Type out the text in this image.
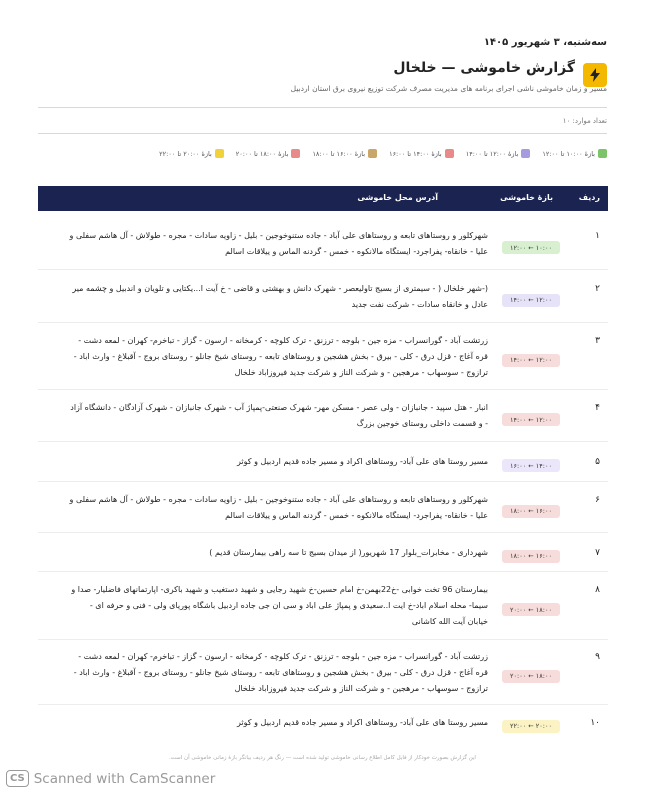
سه‌شنبه، ۳ شهریور ۱۴۰۵
گزارش خاموشی — خلخال
مسیر و زمان خاموشی ناشی اجرای برنامه های مدیریت مصرف شرکت توزیع نیروی برق استان اردبیل
تعداد موارد: ۱۰
بازهٔ ۱۰:۰۰ تا ۱۲:۰۰
بازهٔ ۱۲:۰۰ تا ۱۴:۰۰
بازهٔ ۱۴:۰۰ تا ۱۶:۰۰
بازهٔ ۱۶:۰۰ تا ۱۸:۰۰
بازهٔ ۱۸:۰۰ تا ۲۰:۰۰
بازهٔ ۲۰:۰۰ تا ۲۲:۰۰
ردیف
بازهٔ خاموشی
آدرس محل خاموشی
۱
۱۰:۰۰ ← ۱۲:۰۰
شهرکلور و روستاهای تابعه و روستاهای علی آباد - جاده ستنوخوجین - بلیل - زاویه سادات - مجره - طولاش - آل هاشم سفلی و علیا - خانقاه- یفراجرد- ایستگاه مالانکوه - خمس - گردنه الماس و ییلاقات اسالم
۲
۱۲:۰۰ ← ۱۴:۰۰
(-شهر خلخال ( - سیمتری از بسیج تاولیعصر - شهرک دانش و بهشتی و قاضی - خ آیت ا...یکتایی و تلویان و اندبیل و چشمه میر عادل و خانقاه سادات - شرکت نفت جدید
۳
۱۲:۰۰ ← ۱۴:۰۰
زرتشت آباد - گورانسراب - مزه جین - بلوجه - ترزنق - ترک کلوچه - کرمخانه - ارسون - گزاز - تباخرم- کهران - لمعه دشت - قره آغاج - قزل درق - کلی - بیرق - بخش هشجین و روستاهای تابعه - روستای شیخ جانلو - روستای بروج - آقبلاغ - وارث اباد - ترازوج - سوسهاب - مرهجین - و شرکت الناز و شرکت جدید فیروزاباد خلخال
۴
۱۲:۰۰ ← ۱۴:۰۰
انبار - هتل سپید - جانبازان - ولی عصر - مسکن مهر- شهرک صنعتی-پمپاژ آب - شهرک جانبازان - شهرک آزادگان - دانشگاه آزاد - و قسمت داخلی روستای خوجین بزرگ
۵
۱۴:۰۰ ← ۱۶:۰۰
مسیر روستا های علی آباد- روستاهای اکراد و مسیر جاده قدیم اردبیل و کوثر
۶
۱۶:۰۰ ← ۱۸:۰۰
شهرکلور و روستاهای تابعه و روستاهای علی آباد - جاده ستنوخوجین - بلیل - زاویه سادات - مجره - طولاش - آل هاشم سفلی و علیا - خانقاه- یفراجرد- ایستگاه مالانکوه - خمس - گردنه الماس و ییلاقات اسالم
۷
۱۶:۰۰ ← ۱۸:۰۰
شهرداری - مخابرات_بلوار 17 شهریور( از میدان بسیج تا سه راهی بیمارستان قدیم )
۸
۱۸:۰۰ ← ۲۰:۰۰
بیمارستان 96 تخت خوابی -خ22بهمن-خ امام حسین-خ شهید رجایی و شهید دستغیب و شهید باکری- اپارتمانهای فاضلیار- صدا و سیما- محله اسلام اباد-خ ایت ا..سعیدی و پمپاژ علی اباد و سی ان جی جاده اردبیل باشگاه پوریای ولی - فنی و حرفه ای - خیابان آیت الله کاشانی
۹
۱۸:۰۰ ← ۲۰:۰۰
زرتشت آباد - گورانسراب - مزه جین - بلوجه - ترزنق - ترک کلوچه - کرمخانه - ارسون - گزاز - تباخرم- کهران - لمعه دشت - قره آغاج - قزل درق - کلی - بیرق - بخش هشجین و روستاهای تابعه - روستای شیخ جانلو - روستای بروج - آقبلاغ - وارث اباد - ترازوج - سوسهاب - مرهجین - و شرکت الناز و شرکت جدید فیروزاباد خلخال
۱۰
۲۰:۰۰ ← ۲۲:۰۰
مسیر روستا های علی آباد- روستاهای اکراد و مسیر جاده قدیم اردبیل و کوثر
این گزارش بصورت خودکار از فایل کامل اطلاع رسانی خاموشی تولید شده است — رنگ هر ردیف بیانگر بازهٔ زمانی خاموشی آن است.
CS Scanned with CamScanner
